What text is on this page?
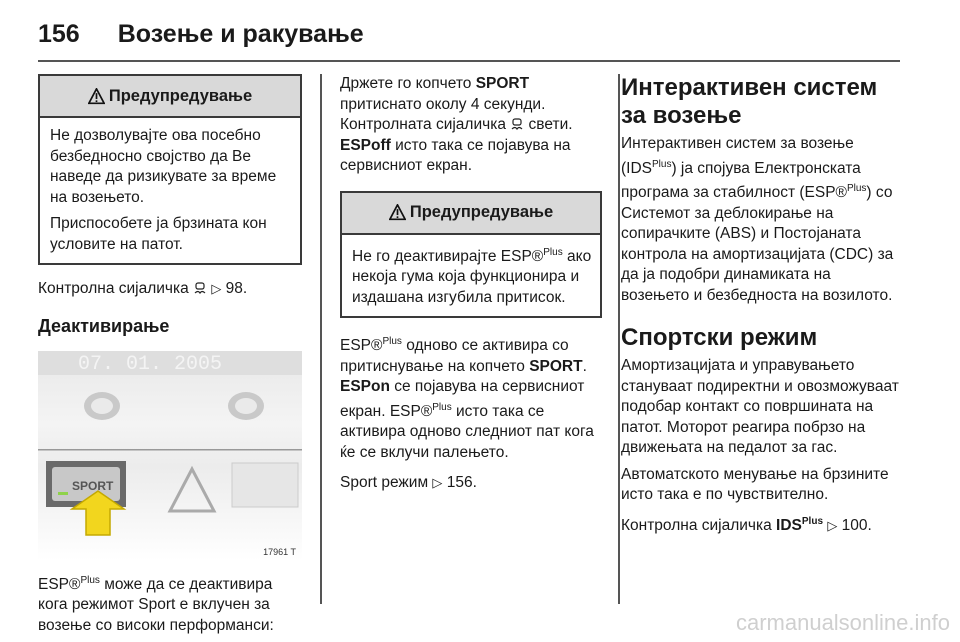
156 Возење и ракување
Предупредување

Не дозволувајте ова посебно безбедносно својство да Ве наведе да ризикувате за време на возењето.

Приспособете ја брзината кон условите на патот.

Контролна сијаличка ▷ 98.

Деактивирање
07. 01. 2005
SPORT
17961 T

ESP®$^{Plus}$ може да се деактивира кога режимот Sport е вклучен за возење со високи перформанси:

Држете го копчето SPORT притиснато околу 4 секунди. Контролната сијаличка  свети. ESPoff исто така се појавува на сервисниот екран.

Предупредување

Не го деактивирајте ESP®$^{Plus}$ ако некоја гума која функционира и издашана изгубила притисок.

ESP®$^{Plus}$ одново се активира со притиснување на копчето SPORT. ESPon се појавува на сервисниот екран. ESP®$^{Plus}$ исто така се активира одново следниот пат кога ќе се вклучи палењето.

Sport режим ▷ 156.

Интерактивен систем за возење

Интерактивен систем за возење $(IDS^{Plus})$ ја спојува Електронската програма за стабилност (ESP®$^{Plus}$) со Системот за деблокирање на сопирачките (ABS) и Постојаната контрола на амортизацијата (CDC) за да ја подобри динамиката на возењето и безбедноста на возилото.

Спортски режим

Амортизацијата и управувањето стануваат подиректни и овозможуваат подобар контакт со површината на патот. Моторот реагира побрзо на движењата на педалот за гас.

Автоматското менување на брзините исто така е по чувствително.

Контролна сијаличка $IDS^{Plus}$ ▷ 100.

carmanualsonline.info
